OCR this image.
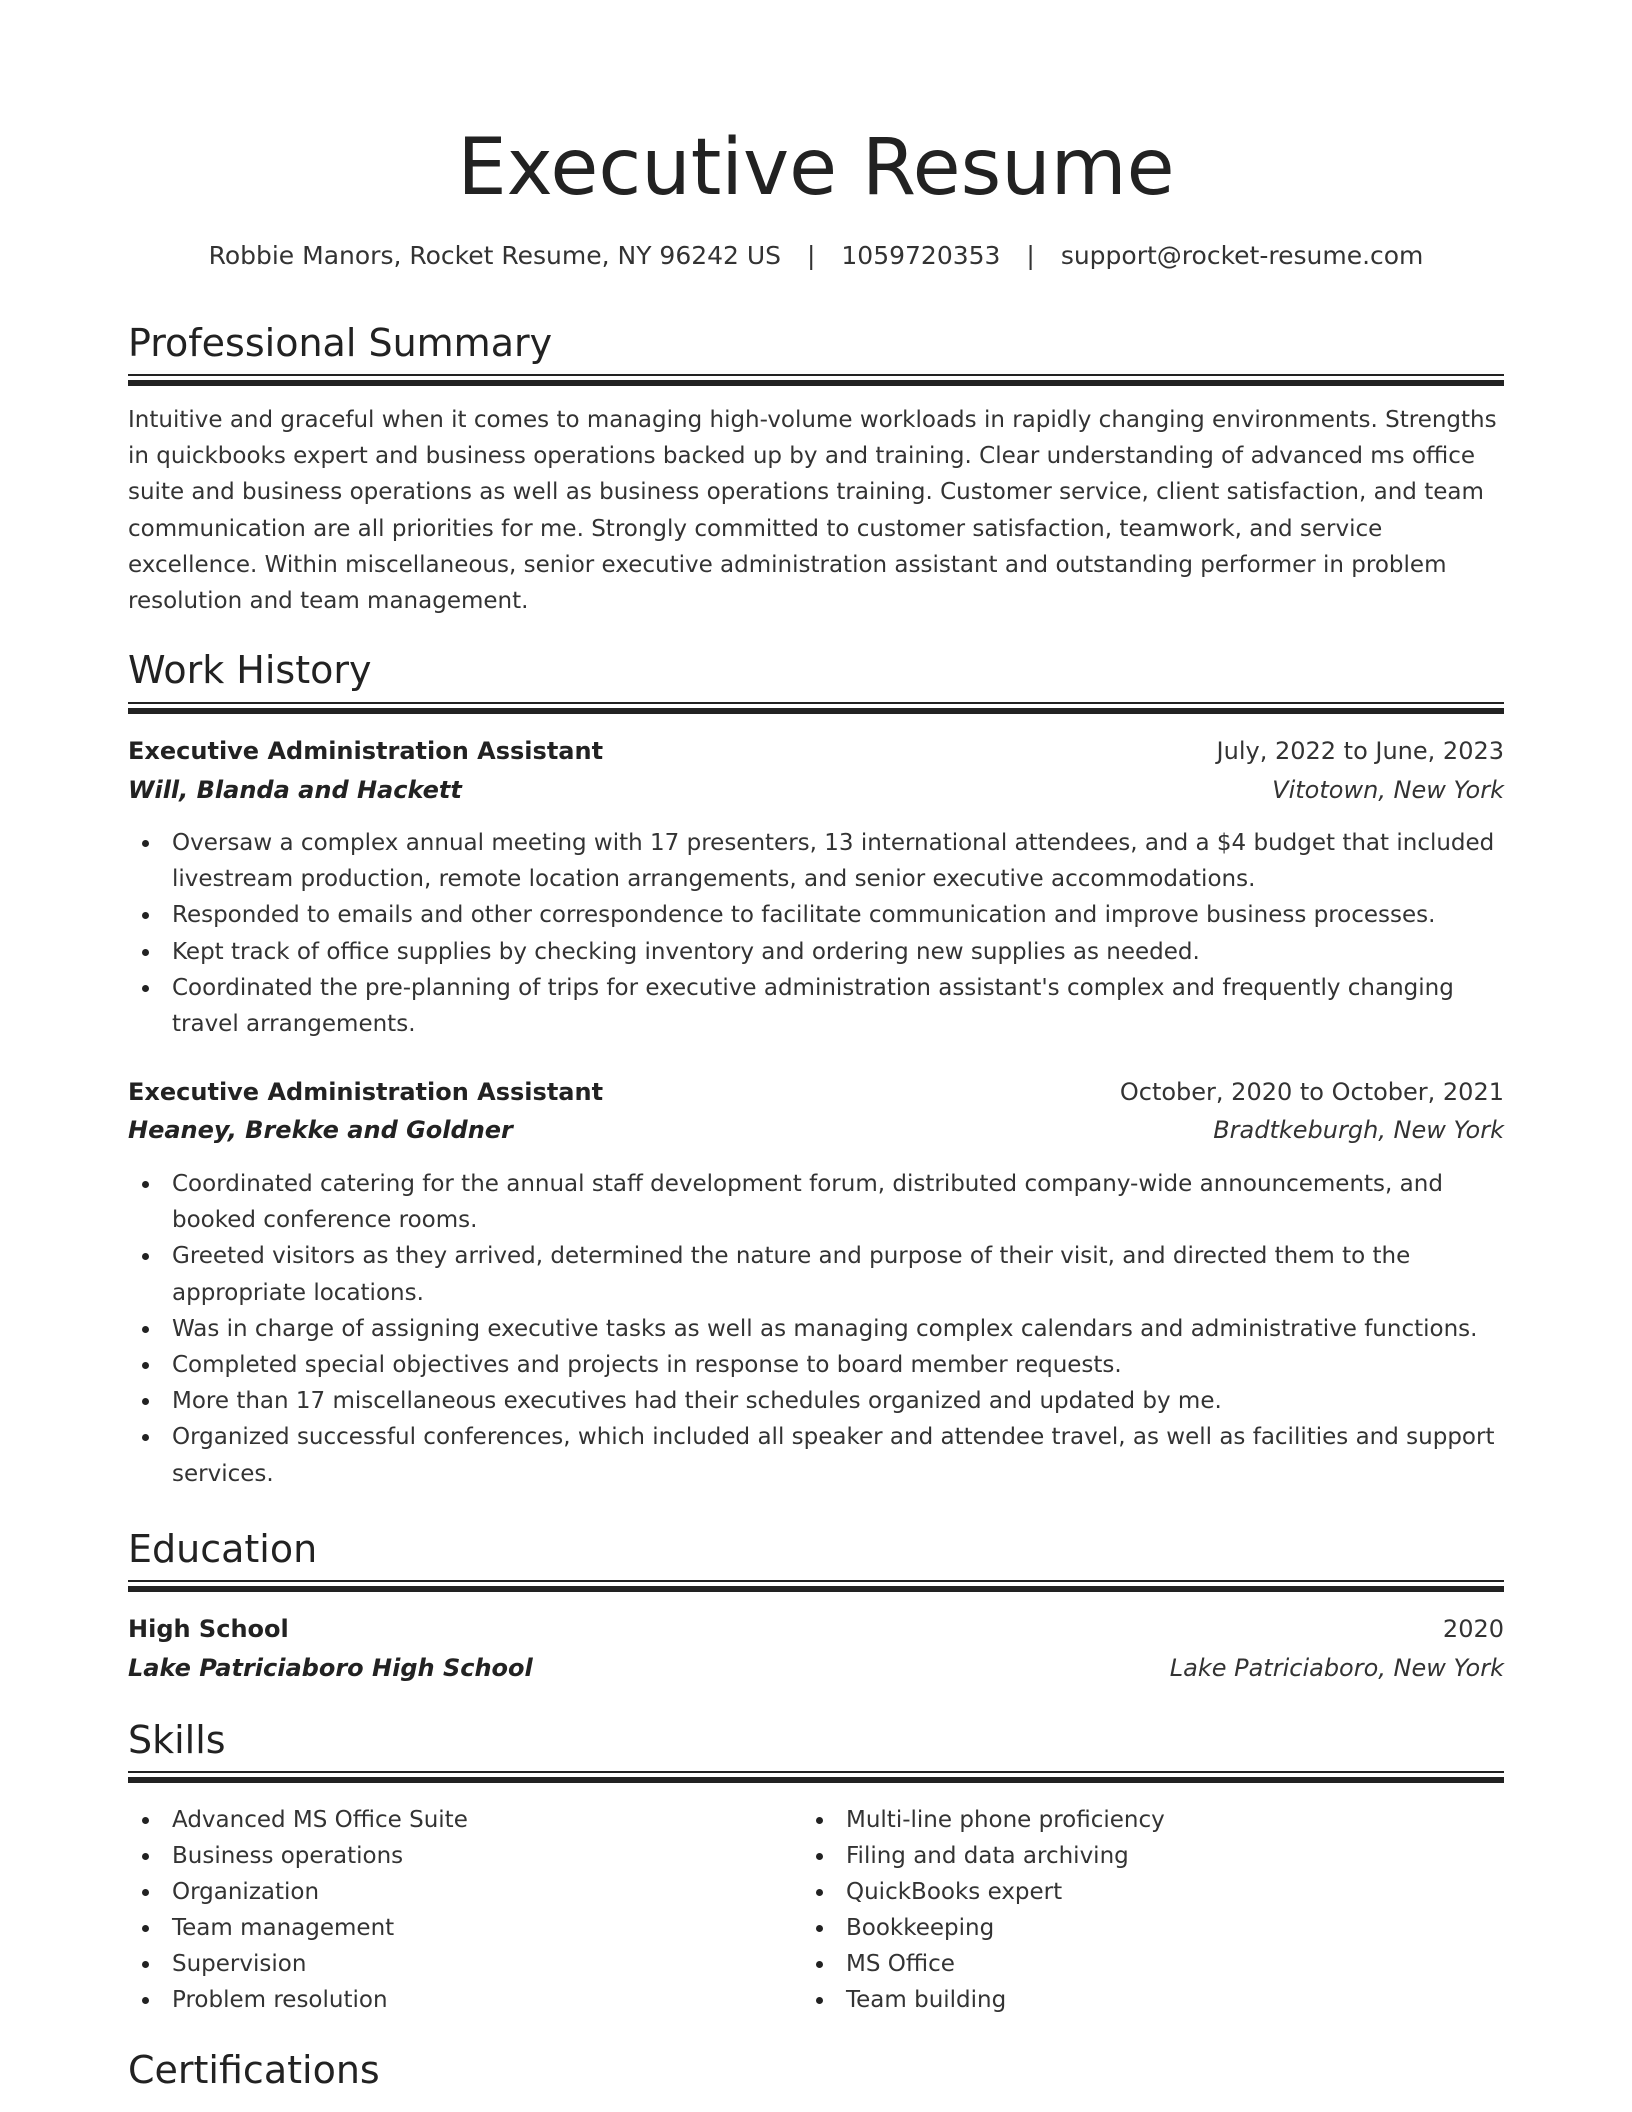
Executive Resume
Robbie Manors, Rocket Resume, NY 96242 US | 1059720353 | support@rocket-resume.com
Professional Summary

Intuitive and graceful when it comes to managing high-volume workloads in rapidly changing environments. Strengths in quickbooks expert and business operations backed up by and training. Clear understanding of advanced ms office suite and business operations as well as business operations training. Customer service, client satisfaction, and team communication are all priorities for me. Strongly committed to customer satisfaction, teamwork, and service excellence. Within miscellaneous, senior executive administration assistant and outstanding performer in problem resolution and team management.

Work History
Executive Administration Assistant	July, 2022 to June, 2023
Will, Blanda and Hackett	Vitotown, New York
Oversaw a complex annual meeting with 17 presenters, 13 international attendees, and a $4 budget that included livestream production, remote location arrangements, and senior executive accommodations.
Responded to emails and other correspondence to facilitate communication and improve business processes.
Kept track of office supplies by checking inventory and ordering new supplies as needed.
Coordinated the pre-planning of trips for executive administration assistant's complex and frequently changing travel arrangements.
Executive Administration Assistant	October, 2020 to October, 2021
Heaney, Brekke and Goldner	Bradtkeburgh, New York
Coordinated catering for the annual staff development forum, distributed company-wide announcements, and booked conference rooms.
Greeted visitors as they arrived, determined the nature and purpose of their visit, and directed them to the appropriate locations.
Was in charge of assigning executive tasks as well as managing complex calendars and administrative functions.
Completed special objectives and projects in response to board member requests.
More than 17 miscellaneous executives had their schedules organized and updated by me.
Organized successful conferences, which included all speaker and attendee travel, as well as facilities and support services.
Education
High School	2020
Lake Patriciaboro High School	Lake Patriciaboro, New York
Skills
Advanced MS Office Suite
Business operations
Organization
Team management
Supervision
Problem resolution
Multi-line phone proficiency
Filing and data archiving
QuickBooks expert
Bookkeeping
MS Office
Team building
Certifications
